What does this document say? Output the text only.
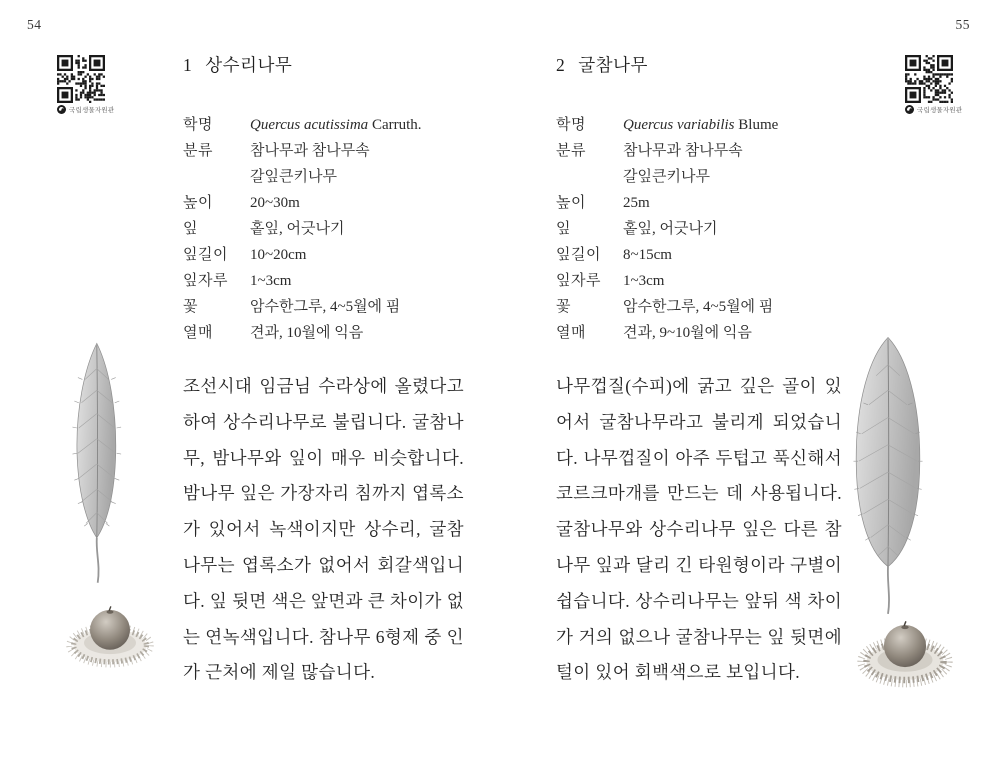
54
국립생물자원관
1 상수리나무
학명	Quercus acutissima Carruth.
분류	참나무과 참나무속
갈잎큰키나무
높이	20~30m
잎	홑잎, 어긋나기
잎길이	10~20cm
잎자루	1~3cm
꽃	암수한그루, 4~5월에 핌
열매	견과, 10월에 익음
조선시대 임금님 수라상에 올렸다고 하여 상수리나무로 불립니다. 굴참나무, 밤나무와 잎이 매우 비슷합니다. 밤나무 잎은 가장자리 침까지 엽록소가 있어서 녹색이지만 상수리, 굴참나무는 엽록소가 없어서 회갈색입니다. 잎 뒷면 색은 앞면과 큰 차이가 없는 연녹색입니다. 참나무 6형제 중 인가 근처에 제일 많습니다.
55
국립생물자원관
2 굴참나무
학명	Quercus variabilis Blume
분류	참나무과 참나무속
갈잎큰키나무
높이	25m
잎	홑잎, 어긋나기
잎길이	8~15cm
잎자루	1~3cm
꽃	암수한그루, 4~5월에 핌
열매	견과, 9~10월에 익음
나무껍질(수피)에 굵고 깊은 골이 있어서 굴참나무라고 불리게 되었습니다. 나무껍질이 아주 두텁고 푹신해서 코르크마개를 만드는 데 사용됩니다. 굴참나무와 상수리나무 잎은 다른 참나무 잎과 달리 긴 타원형이라 구별이 쉽습니다. 상수리나무는 앞뒤 색 차이가 거의 없으나 굴참나무는 잎 뒷면에 털이 있어 회백색으로 보입니다.
